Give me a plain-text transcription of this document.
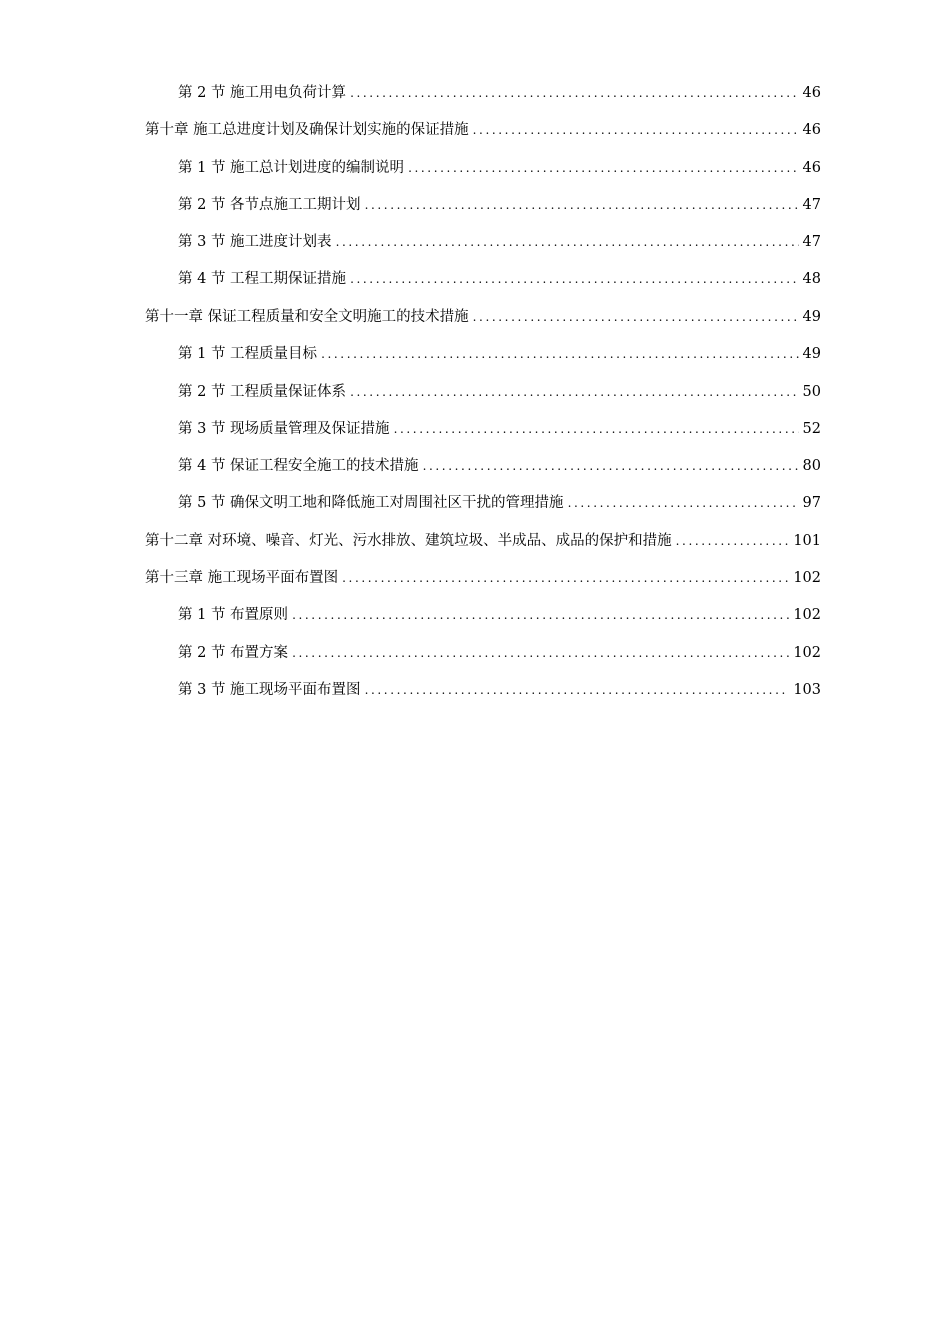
第 2 节 施工用电负荷计算 .....	46
第十章 施工总进度计划及确保计划实施的保证措施 .....	46
第 1 节 施工总计划进度的编制说明 .....	46
第 2 节 各节点施工工期计划 .....	47
第 3 节 施工进度计划表 .....	47
第 4 节 工程工期保证措施 .....	48
第十一章 保证工程质量和安全文明施工的技术措施 .....	49
第 1 节 工程质量目标 .....	49
第 2 节 工程质量保证体系 .....	50
第 3 节 现场质量管理及保证措施 .....	52
第 4 节 保证工程安全施工的技术措施 .....	80
第 5 节 确保文明工地和降低施工对周围社区干扰的管理措施 .....	97
第十二章 对环境、噪音、灯光、污水排放、建筑垃圾、半成品、成品的保护和措施 .....	101
第十三章 施工现场平面布置图 .....	102
第 1 节 布置原则 .....	102
第 2 节 布置方案 .....	102
第 3 节 施工现场平面布置图 .....	103
